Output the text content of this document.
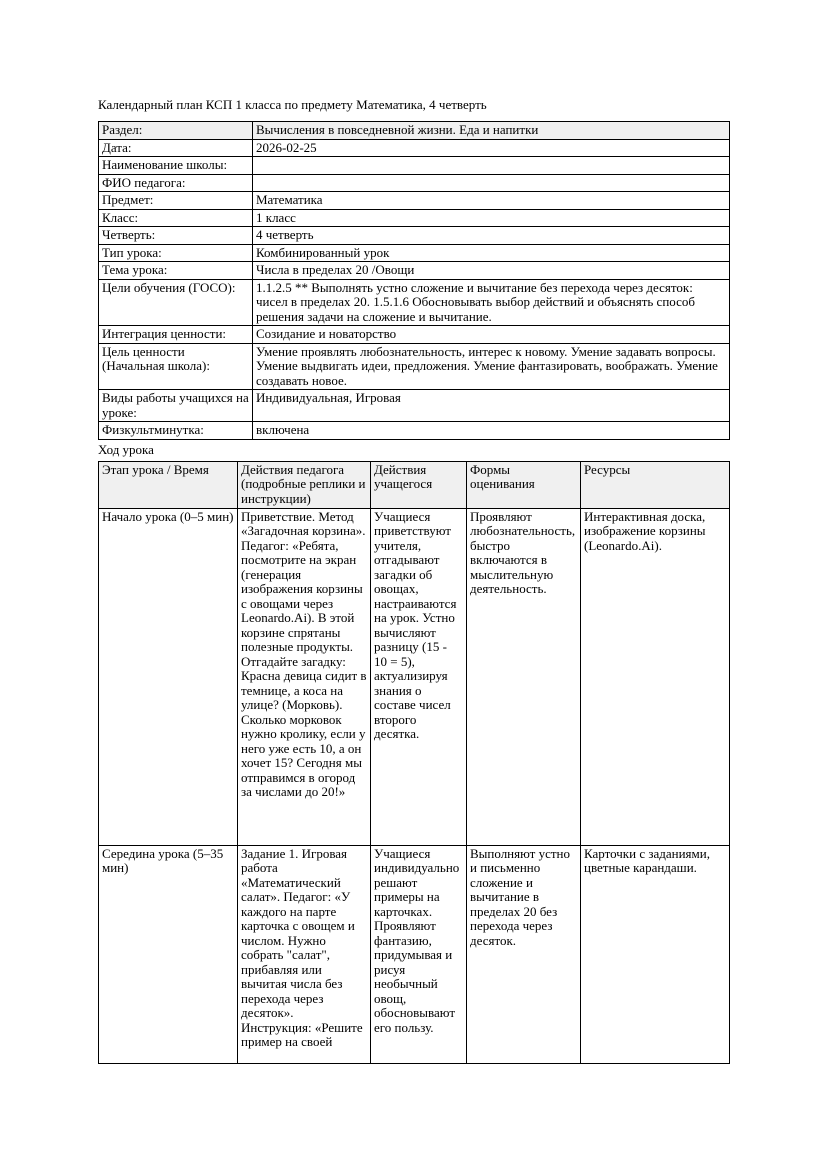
Календарный план КСП 1 класса по предмету Математика, 4 четверть

Раздел:	Вычисления в повседневной жизни. Еда и напитки
Дата:	2026-02-25
Наименование школы:	
ФИО педагога:	
Предмет:	Математика
Класс:	1 класс
Четверть:	4 четверть
Тип урока:	Комбинированный урок
Тема урока:	Числа в пределах 20 /Овощи
Цели обучения (ГОСО):	1.1.2.5 ** Выполнять устно сложение и вычитание без перехода через десяток: чисел в пределах 20. 1.5.1.6 Обосновывать выбор действий и объяснять способ решения задачи на сложение и вычитание.
Интеграция ценности:	Созидание и новаторство
Цель ценности (Начальная школа):	Умение проявлять любознательность, интерес к новому. Умение задавать вопросы. Умение выдвигать идеи, предложения. Умение фантазировать, воображать. Умение создавать новое.
Виды работы учащихся на уроке:	Индивидуальная, Игровая
Физкультминутка:	включена

Ход урока

Этап урока / Время	Действия педагога (подробные реплики и инструкции)	Действия учащегося	Формы оценивания	Ресурсы
Начало урока (0–5 мин)	Приветствие. Метод «Загадочная корзина». Педагог: «Ребята, посмотрите на экран (генерация изображения корзины с овощами через Leonardo.Ai). В этой корзине спрятаны полезные продукты. Отгадайте загадку: Красна девица сидит в темнице, а коса на улице? (Морковь). Сколько морковок нужно кролику, если у него уже есть 10, а он хочет 15? Сегодня мы отправимся в огород за числами до 20!»	Учащиеся приветствуют учителя, отгадывают загадки об овощах, настраиваются на урок. Устно вычисляют разницу (15 - 10 = 5), актуализируя знания о составе чисел второго десятка.	Проявляют любознательность, быстро включаются в мыслительную деятельность.	Интерактивная доска, изображение корзины (Leonardo.Ai).
Середина урока (5–35 мин)	Задание 1. Игровая работа «Математический салат». Педагог: «У каждого на парте карточка с овощем и числом. Нужно собрать "салат", прибавляя или вычитая числа без перехода через десяток». Инструкция: «Решите пример на своей	Учащиеся индивидуально решают примеры на карточках. Проявляют фантазию, придумывая и рисуя необычный овощ, обосновывают его пользу.	Выполняют устно и письменно сложение и вычитание в пределах 20 без перехода через десяток.	Карточки с заданиями, цветные карандаши.
